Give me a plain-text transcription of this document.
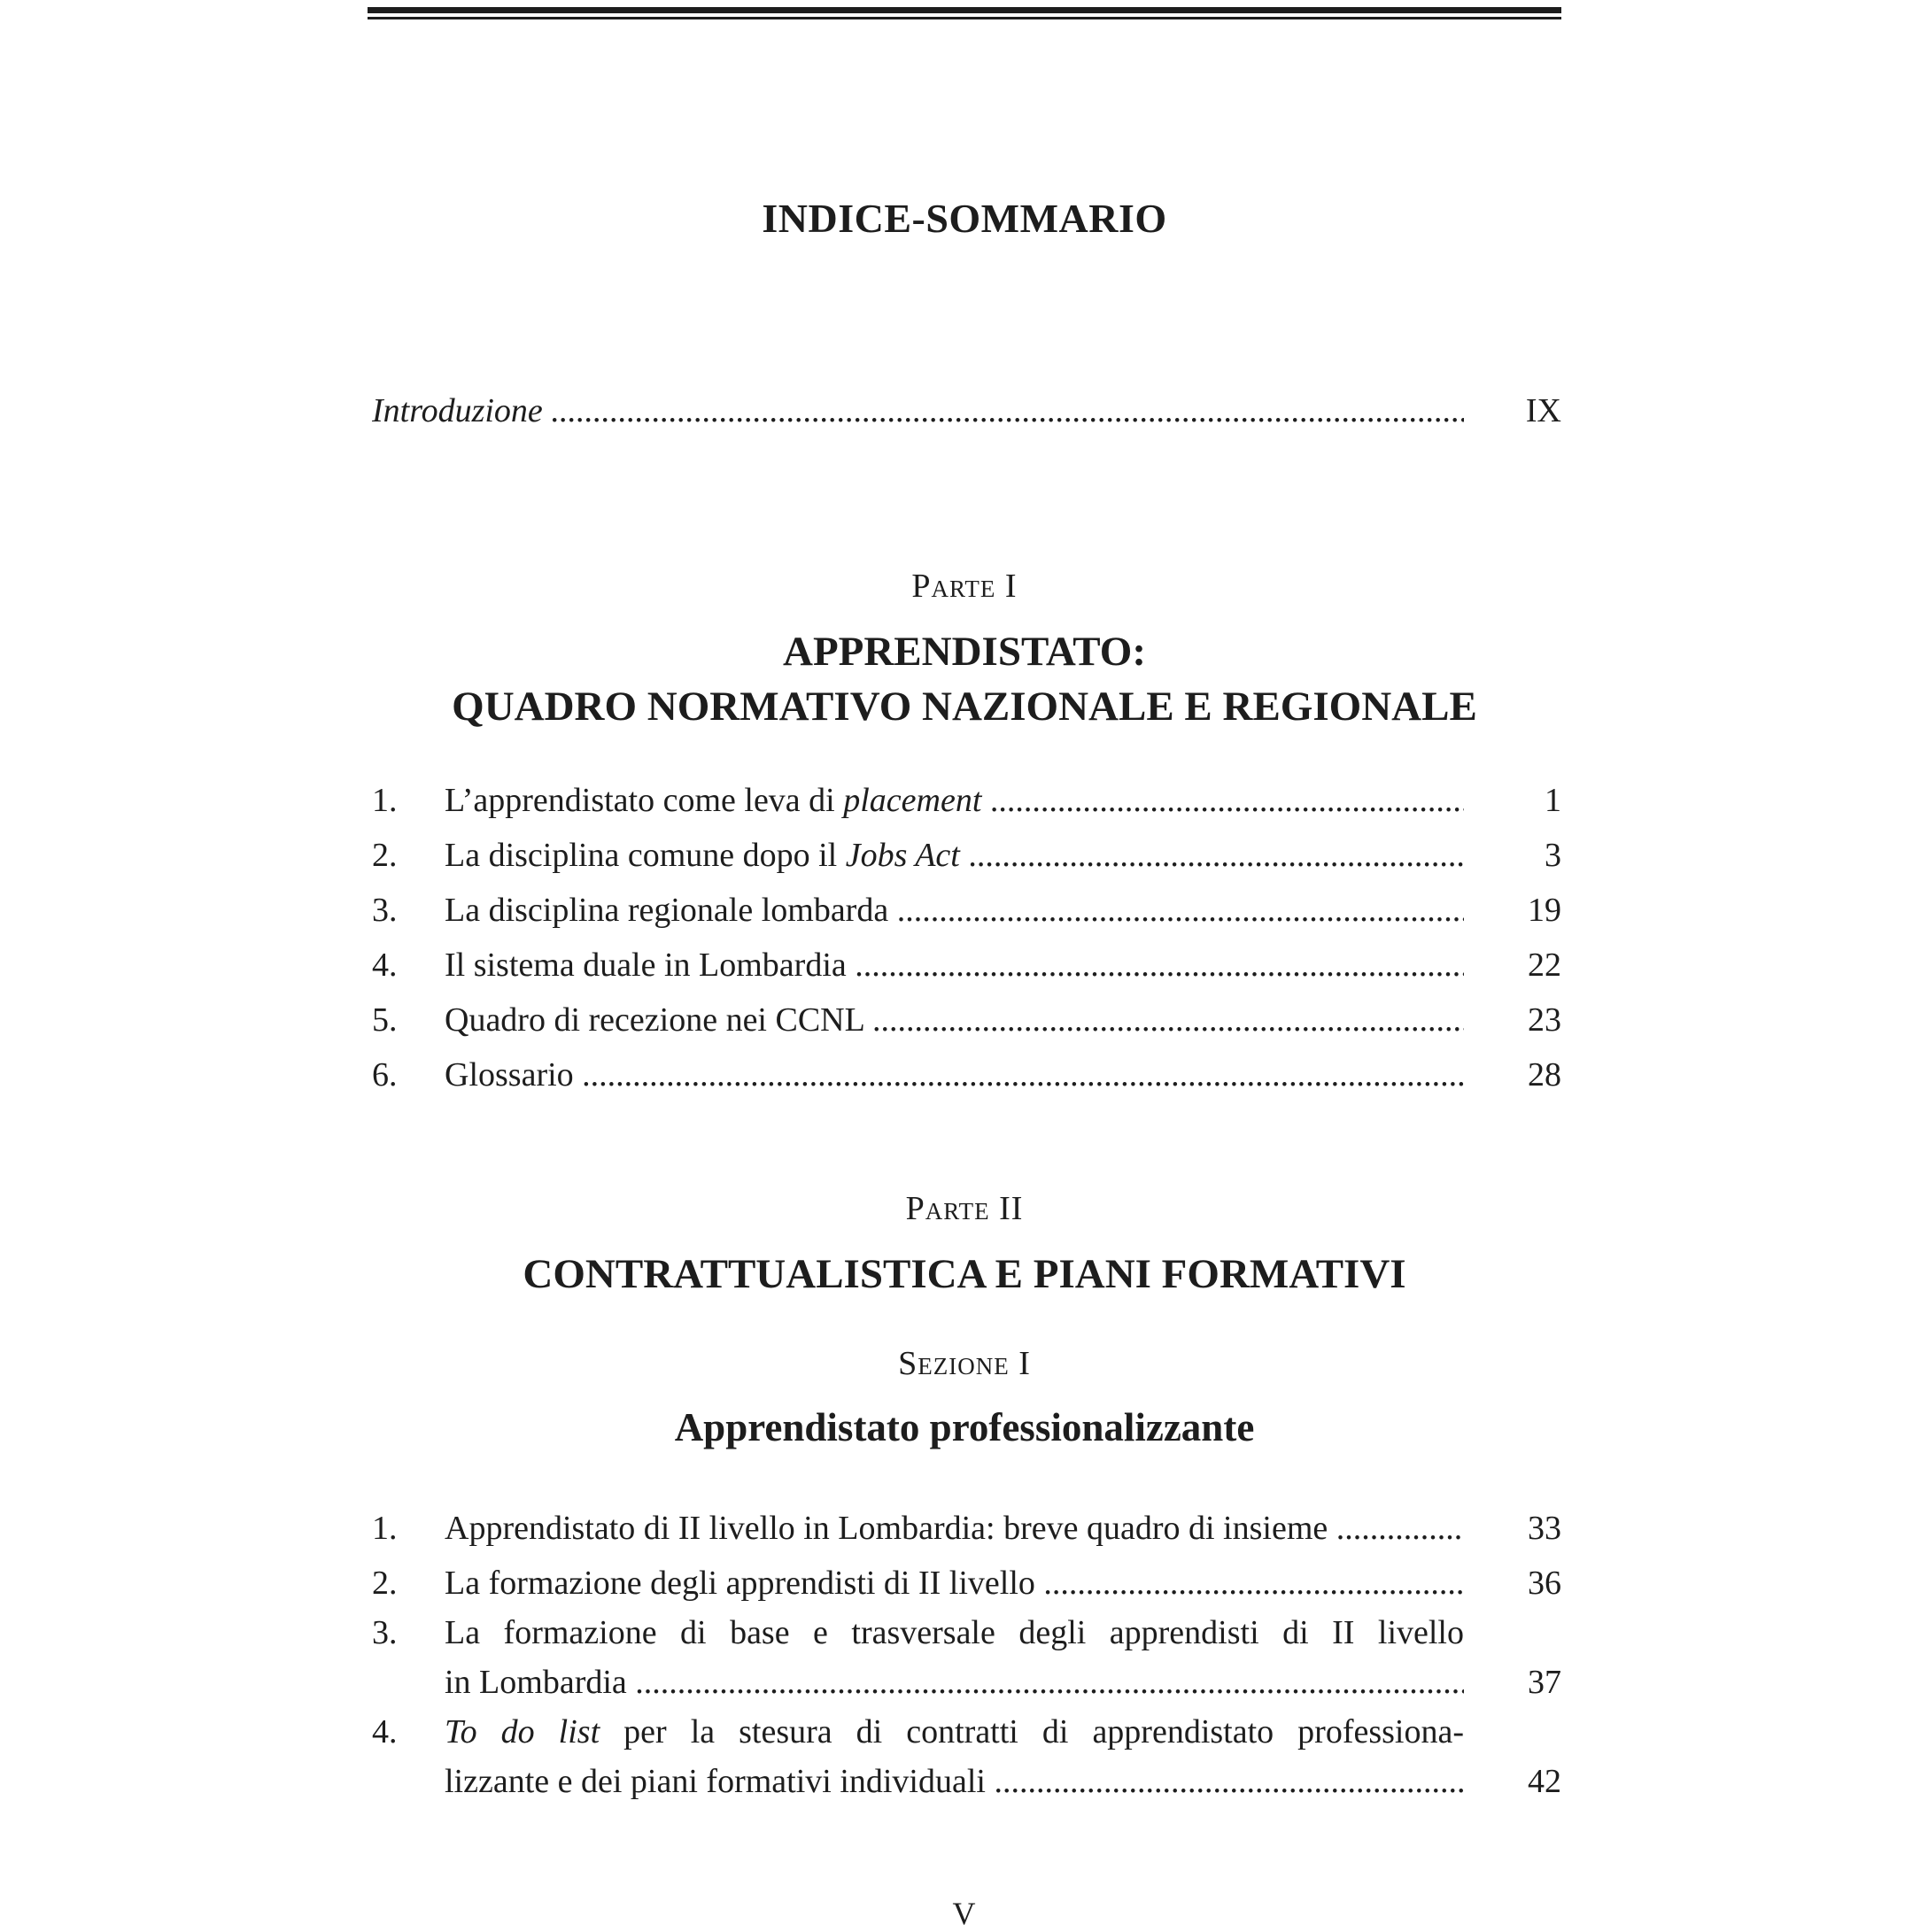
INDICE-SOMMARIO
Introduzione .....	IX
Parte I
APPRENDISTATO:
QUADRO NORMATIVO NAZIONALE E REGIONALE
1. L’apprendistato come leva di placement .....	1
2. La disciplina comune dopo il Jobs Act .....	3
3. La disciplina regionale lombarda .....	19
4. Il sistema duale in Lombardia .....	22
5. Quadro di recezione nei CCNL .....	23
6. Glossario .....	28
Parte II
CONTRATTUALISTICA E PIANI FORMATIVI
Sezione I
Apprendistato professionalizzante
1. Apprendistato di II livello in Lombardia: breve quadro di insieme .....	33
2. La formazione degli apprendisti di II livello .....	36
3. La formazione di base e trasversale degli apprendisti di II livello
in Lombardia .....	37
4. To do list per la stesura di contratti di apprendistato professiona-
lizzante e dei piani formativi individuali .....	42
V
